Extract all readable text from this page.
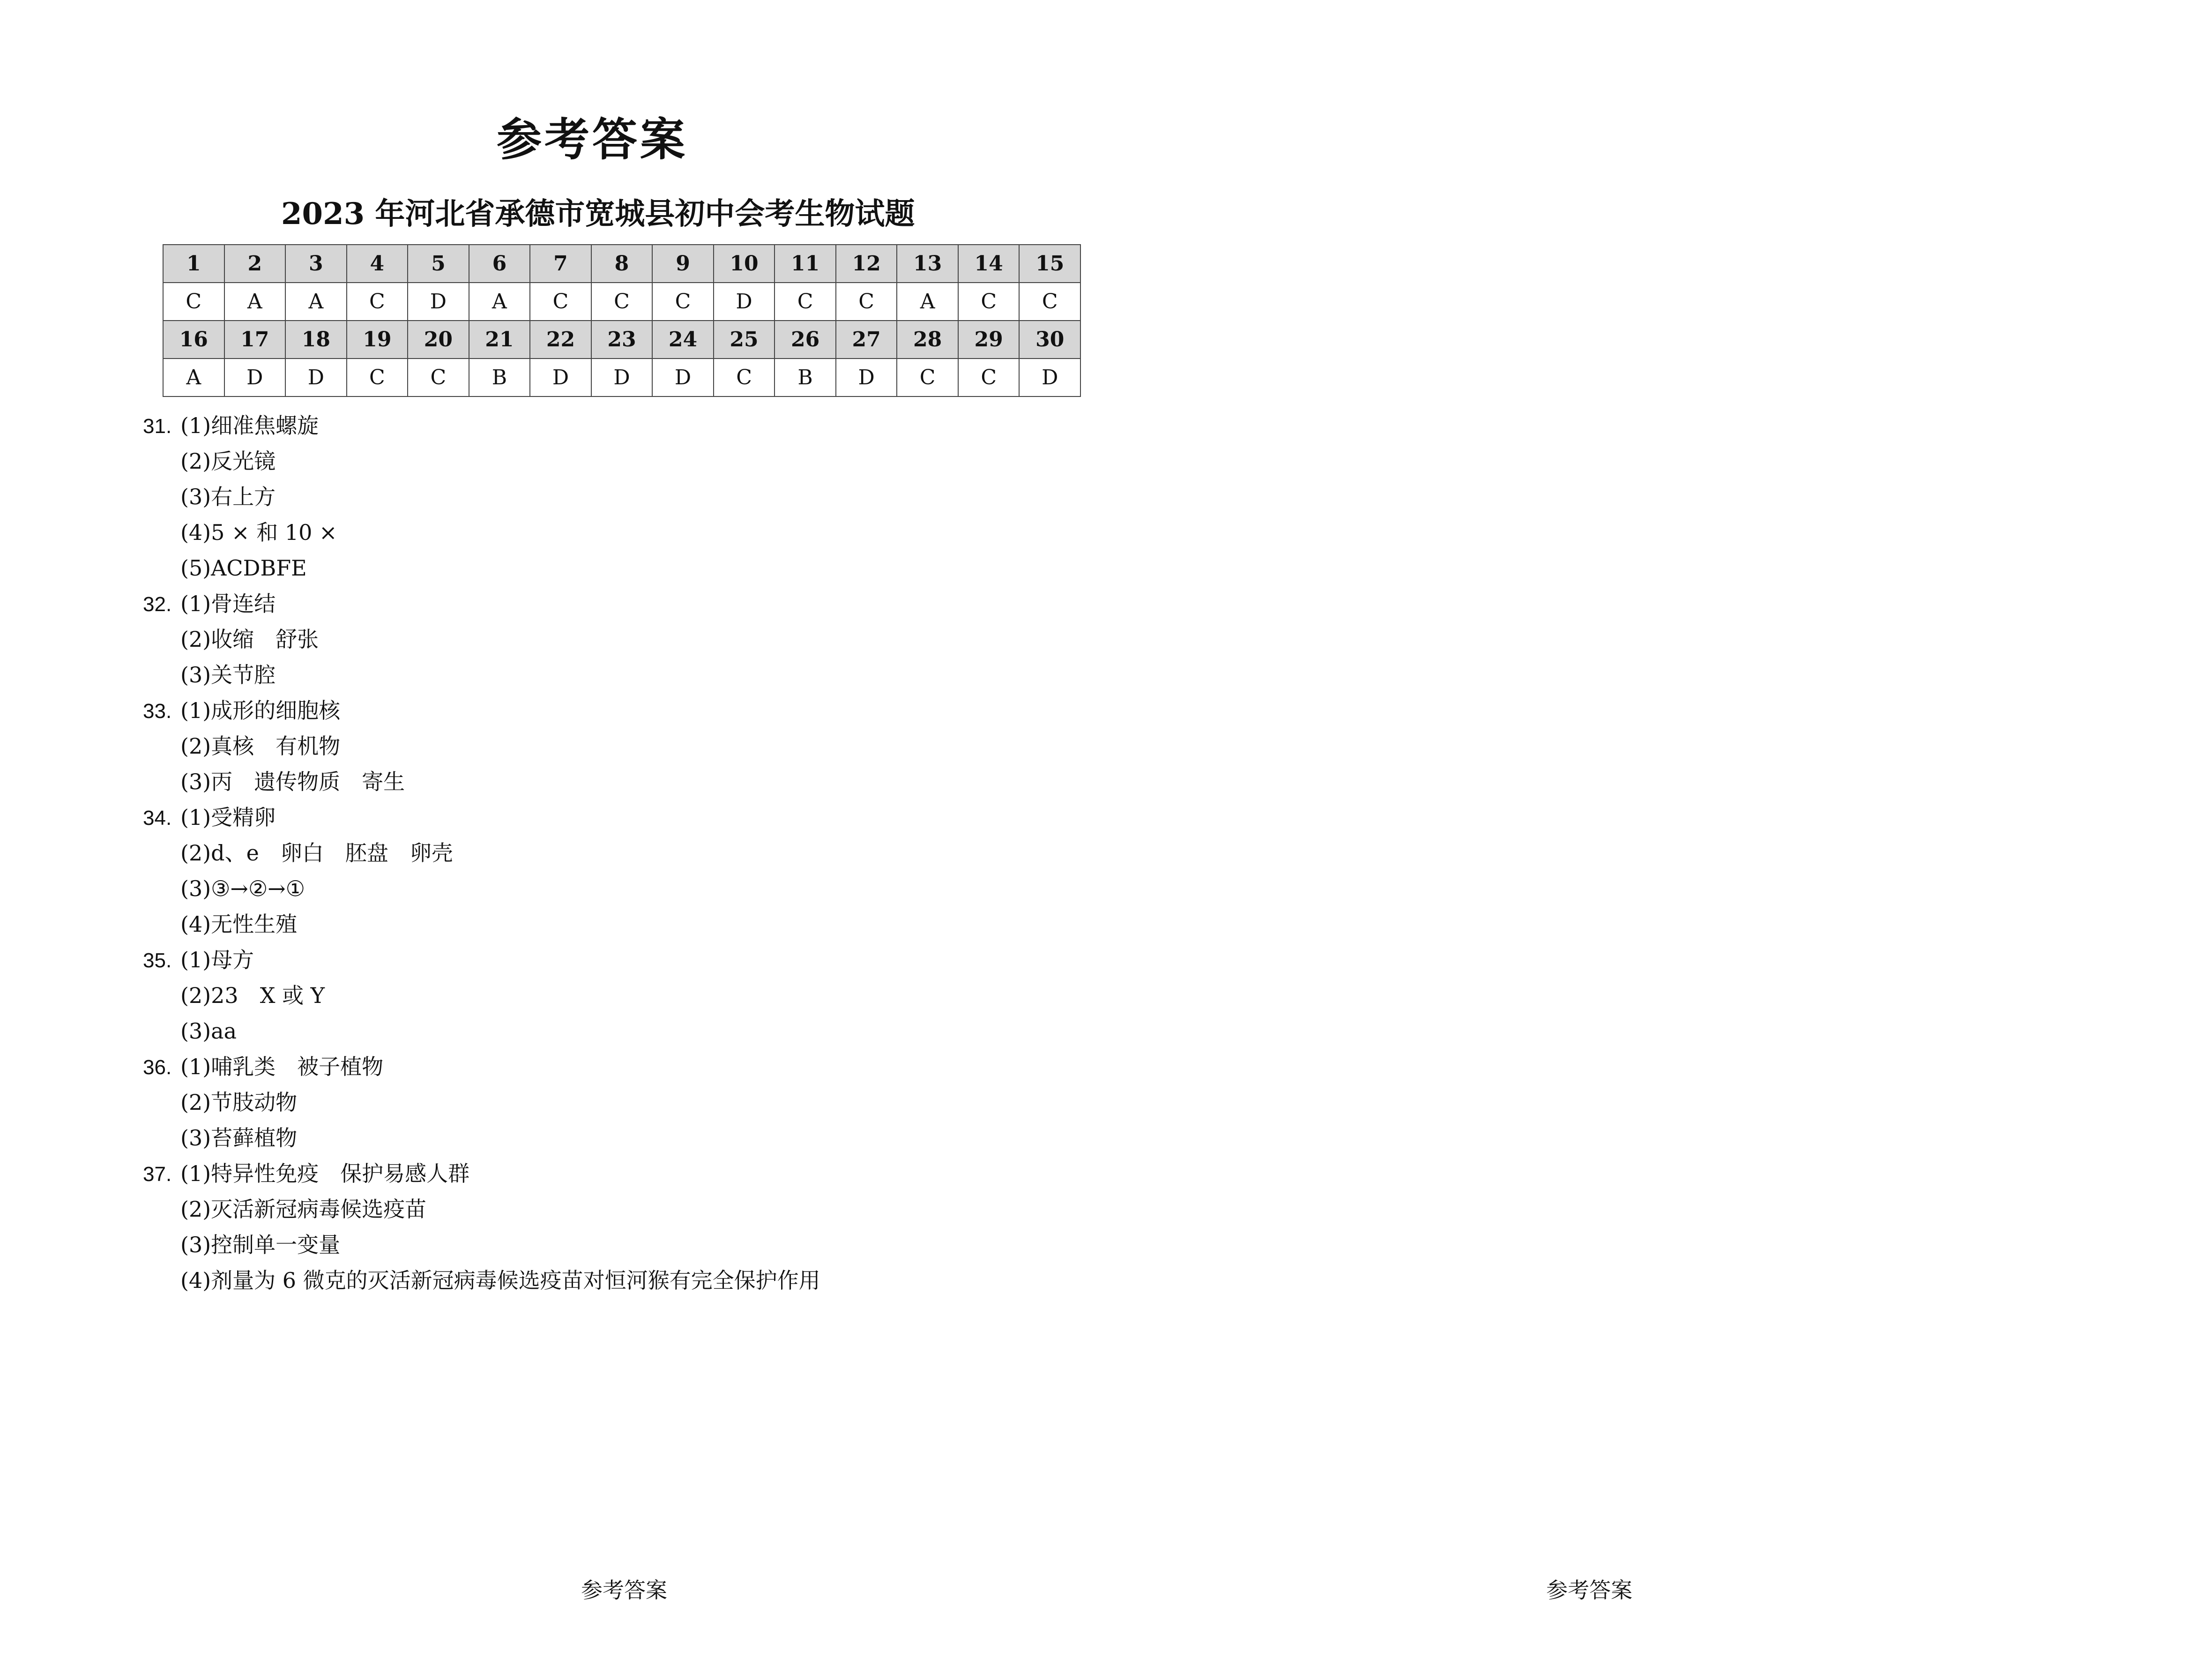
参考答案
2023 年河北省承德市宽城县初中会考生物试题
1	2	3	4	5	6	7	8	9	10	11	12	13	14	15
C	A	A	C	D	A	C	C	C	D	C	C	A	C	C
16	17	18	19	20	21	22	23	24	25	26	27	28	29	30
A	D	D	C	C	B	D	D	D	C	B	D	C	C	D
31. (1)细准焦螺旋
(2)反光镜
(3)右上方
(4)5 × 和 10 ×
(5)ACDBFE
32. (1)骨连结
(2)收缩　舒张
(3)关节腔
33. (1)成形的细胞核
(2)真核　有机物
(3)丙　遗传物质　寄生
34. (1)受精卵
(2)d、e　卵白　胚盘　卵壳
(3)③→②→①
(4)无性生殖
35. (1)母方
(2)23　X 或 Y
(3)aa
36. (1)哺乳类　被子植物
(2)节肢动物
(3)苔藓植物
37. (1)特异性免疫　保护易感人群
(2)灭活新冠病毒候选疫苗
(3)控制单一变量
(4)剂量为 6 微克的灭活新冠病毒候选疫苗对恒河猴有完全保护作用
参考答案	参考答案
